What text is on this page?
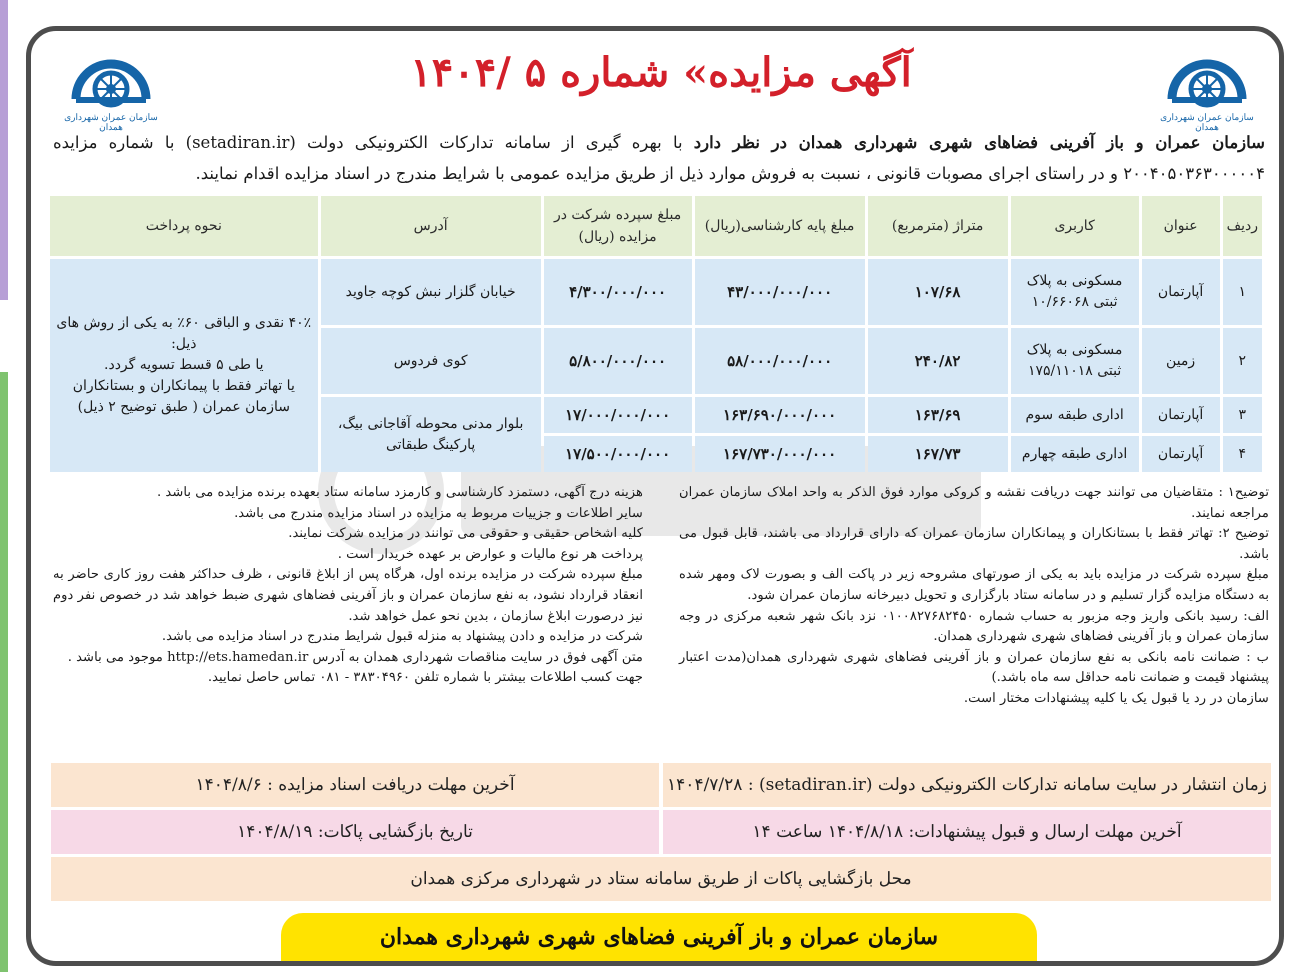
سازمان عمران شهرداری همدان
آگهی مزایده» شماره ۵ /۱۴۰۴
سازمان عمران شهرداری همدان
سازمان عمران و باز آفرینی فضاهای شهری شهرداری همدان در نظر دارد با بهره گیری از سامانه تدارکات الکترونیکی دولت (setadiran.ir) با شماره مزایده ۲۰۰۴۰۵۰۳۶۳۰۰۰۰۰۴ و در راستای اجرای مصوبات قانونی ، نسبت به فروش موارد ذیل از طریق مزایده عمومی با شرایط مندرج در اسناد مزایده اقدام نمایند.
ردیف	عنوان	کاربری	متراژ (مترمربع)	مبلغ پایه کارشناسی(ریال)	مبلغ سپرده شرکت در مزایده (ریال)	آدرس	نحوه پرداخت
۱	آپارتمان	مسکونی به پلاک ثبتی ۱۰/۶۶۰۶۸	۱۰۷/۶۸	۴۳/۰۰۰/۰۰۰/۰۰۰	۴/۳۰۰/۰۰۰/۰۰۰	خیابان گلزار نبش کوچه جاوید	۴۰٪ نقدی و الباقی ۶۰٪ به یکی از روش های ذیل:
یا طی ۵ قسط تسویه گردد.
یا تهاتر فقط با پیمانکاران و بستانکاران سازمان عمران ( طبق توضیح ۲ ذیل)

۲	زمین	مسکونی به پلاک ثبتی ۱۷۵/۱۱۰۱۸	۲۴۰/۸۲	۵۸/۰۰۰/۰۰۰/۰۰۰	۵/۸۰۰/۰۰۰/۰۰۰	کوی فردوس	
۳	آپارتمان	اداری طبقه سوم	۱۶۳/۶۹	۱۶۳/۶۹۰/۰۰۰/۰۰۰	۱۷/۰۰۰/۰۰۰/۰۰۰	بلوار مدنی محوطه آقاجانی بیگ، پارکینگ طبقاتی	
۴	آپارتمان	اداری طبقه چهارم	۱۶۷/۷۳	۱۶۷/۷۳۰/۰۰۰/۰۰۰	۱۷/۵۰۰/۰۰۰/۰۰۰		

توضیح۱ : متقاضیان می توانند جهت دریافت نقشه و کروکی موارد فوق الذکر به واحد املاک سازمان عمران مراجعه نمایند.

توضیح ۲: تهاتر فقط با بستانکاران و پیمانکاران سازمان عمران که دارای قرارداد می باشند، قابل قبول می باشد.

مبلغ سپرده شرکت در مزایده باید به یکی از صورتهای مشروحه زیر در پاکت الف و بصورت لاک ومهر شده به دستگاه مزایده گزار تسلیم و در سامانه ستاد بارگزاری و تحویل دبیرخانه سازمان عمران شود.

الف: رسید بانکی واریز وجه مزبور به حساب شماره ۰۱۰۰۸۲۷۶۸۲۴۵۰ نزد بانک شهر شعبه مرکزی در وجه سازمان عمران و باز آفرینی فضاهای شهری شهرداری همدان.

ب : ضمانت نامه بانکی به نفع سازمان عمران و باز آفرینی فضاهای شهری شهرداری همدان(مدت اعتبار پیشنهاد قیمت و ضمانت نامه حداقل سه ماه باشد.)

سازمان در رد یا قبول یک یا کلیه پیشنهادات مختار است.

هزینه درج آگهی، دستمزد کارشناسی و کارمزد سامانه ستاد بعهده برنده مزایده می باشد .

سایر اطلاعات و جزییات مربوط به مزایده در اسناد مزایده مندرج می باشد.

کلیه اشخاص حقیقی و حقوقی می توانند در مزایده شرکت نمایند.

پرداخت هر نوع مالیات و عوارض بر عهده خریدار است .

مبلغ سپرده شرکت در مزایده برنده اول، هرگاه پس از ابلاغ قانونی ، ظرف حداکثر هفت روز کاری حاضر به انعقاد قرارداد نشود، به نفع سازمان عمران و باز آفرینی فضاهای شهری ضبط خواهد شد در خصوص نفر دوم نیز درصورت ابلاغ سازمان ، بدین نحو عمل خواهد شد.

شرکت در مزایده و دادن پیشنهاد به منزله قبول شرایط مندرج در اسناد مزایده می باشد.

متن آگهی فوق در سایت مناقصات شهرداری همدان به آدرس http://ets.hamedan.ir موجود می باشد .

جهت کسب اطلاعات بیشتر با شماره تلفن ۳۸۳۰۴۹۶۰ - ۰۸۱ تماس حاصل نمایید.

زمان انتشار در سایت سامانه تدارکات الکترونیکی دولت (setadiran.ir) : ۱۴۰۴/۷/۲۸
آخرین مهلت دریافت اسناد مزایده : ۱۴۰۴/۸/۶
آخرین مهلت ارسال و قبول پیشنهادات: ۱۴۰۴/۸/۱۸ ساعت ۱۴
تاریخ بازگشایی پاکات: ۱۴۰۴/۸/۱۹
محل بازگشایی پاکات از طریق سامانه ستاد در شهرداری مرکزی همدان
سازمان عمران و باز آفرینی فضاهای شهری شهرداری همدان
